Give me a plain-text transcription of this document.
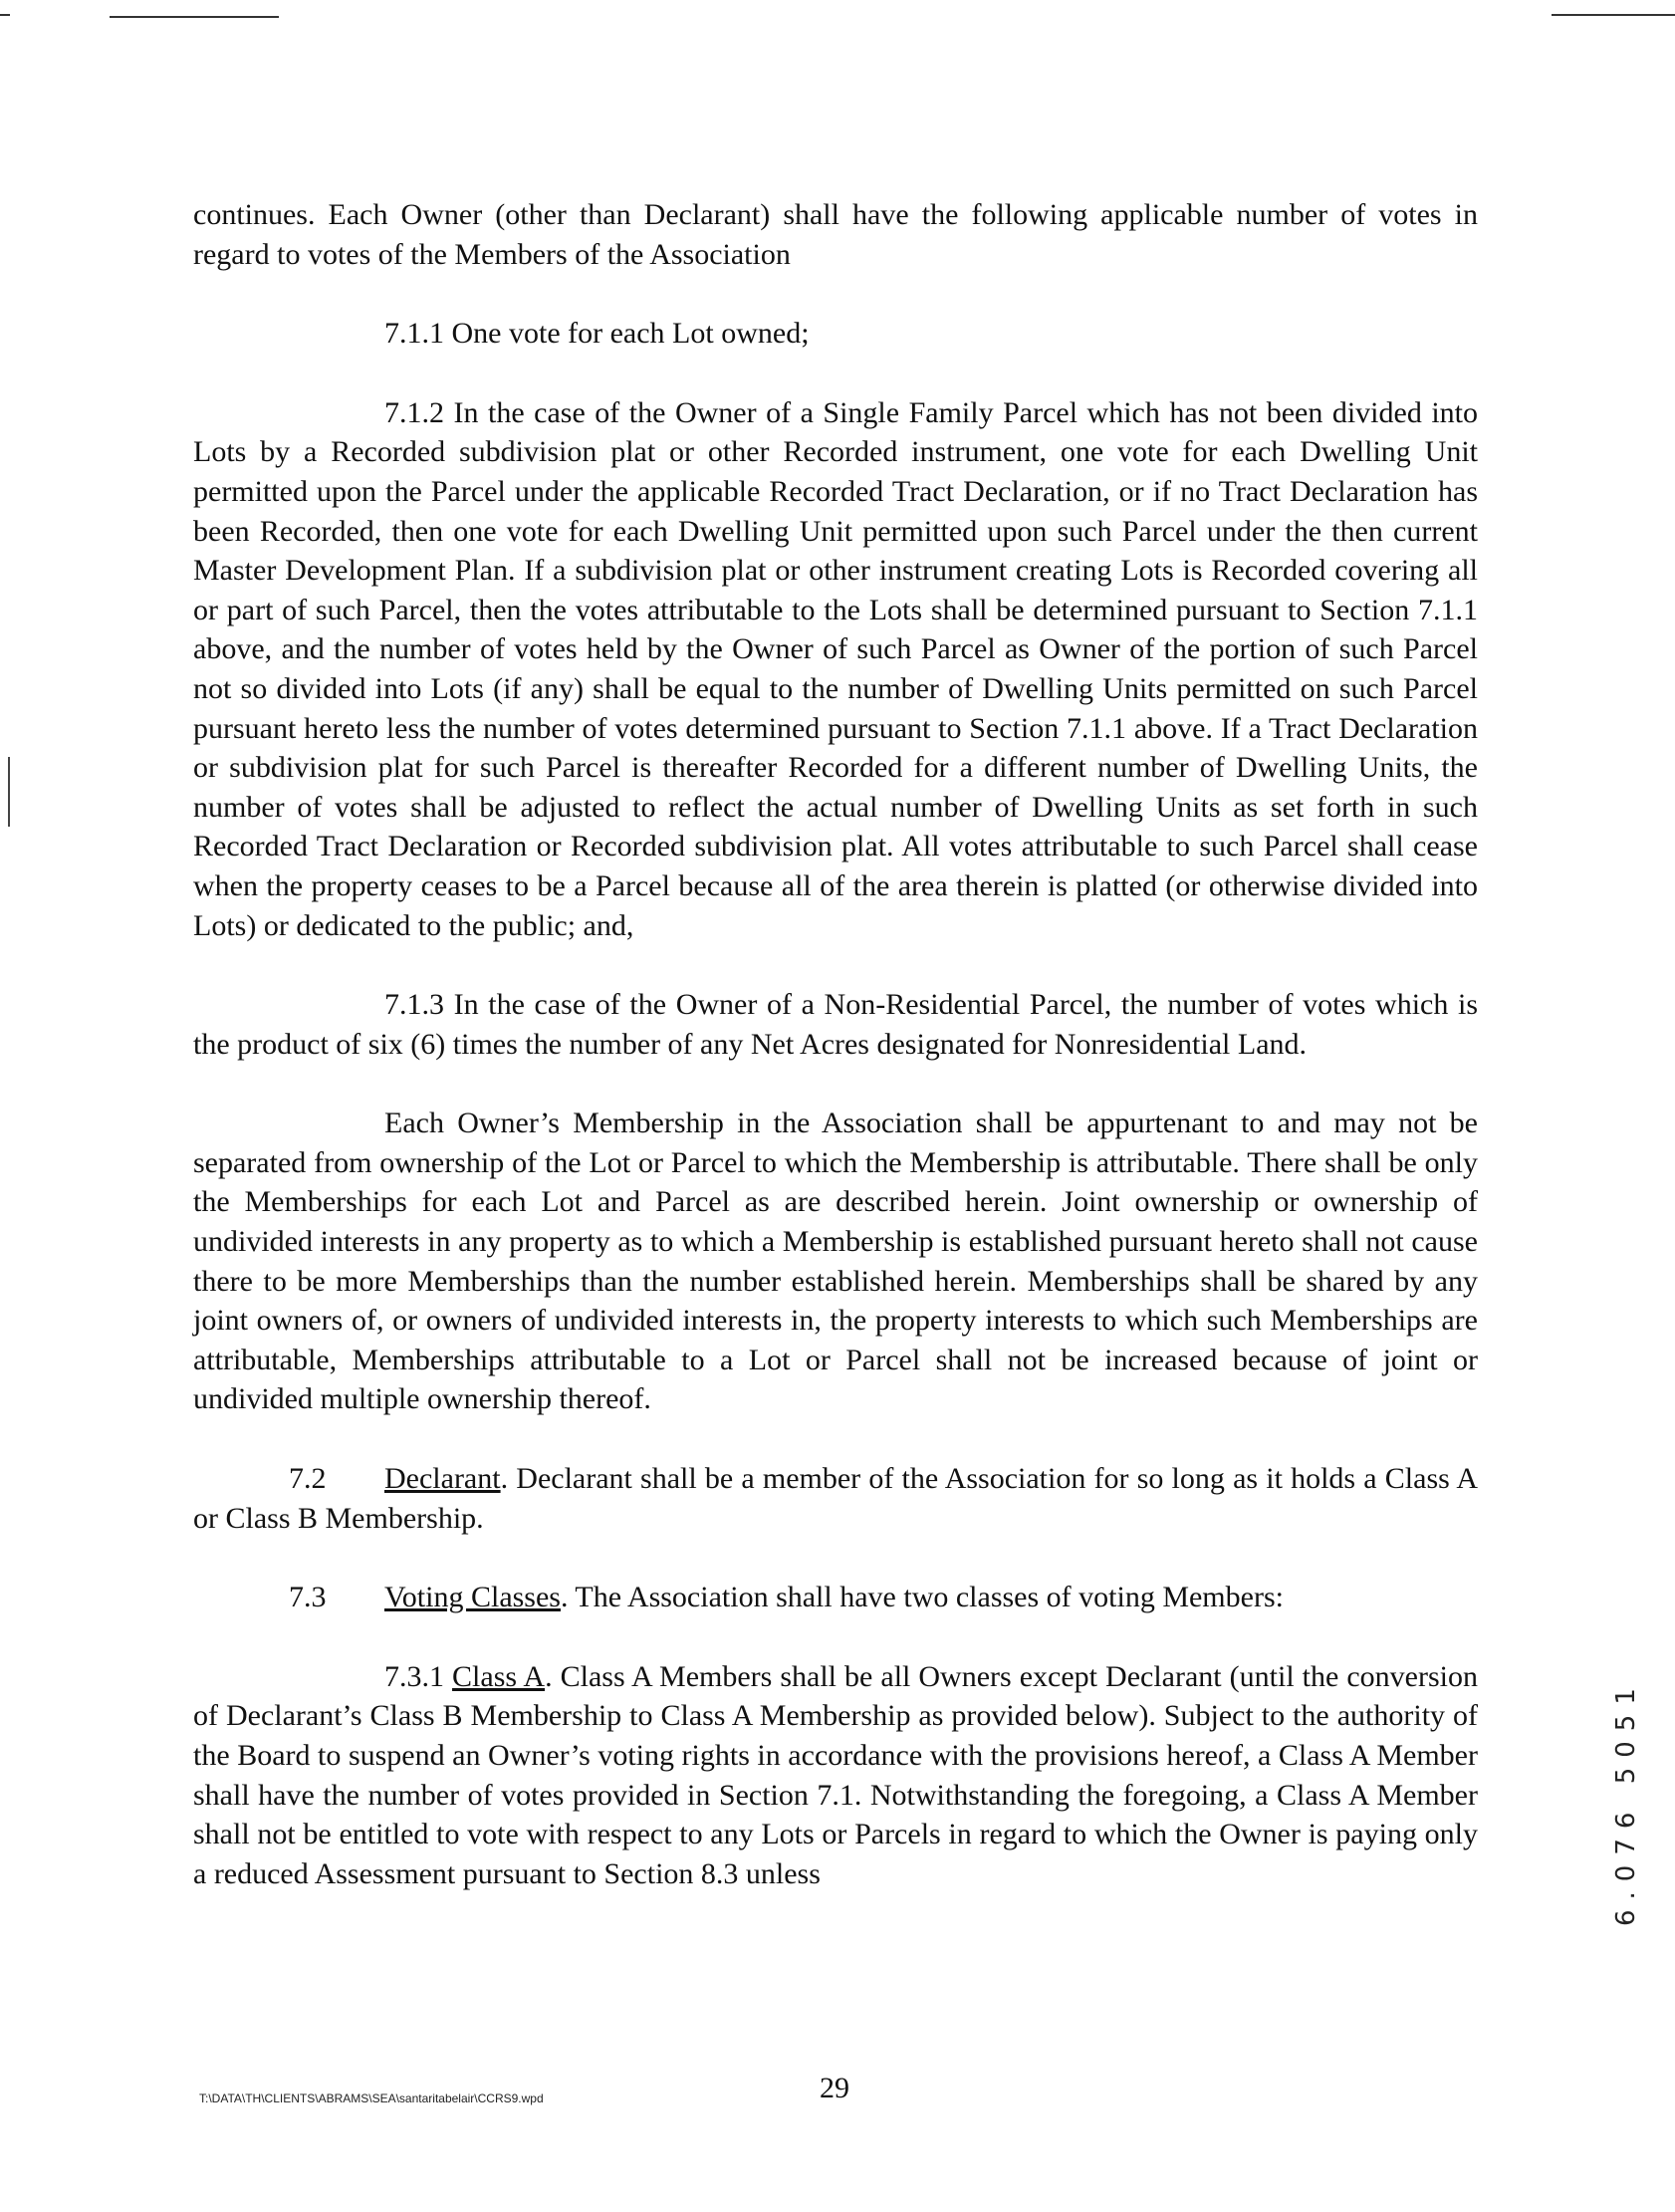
continues. Each Owner (other than Declarant) shall have the following applicable number of votes in regard to votes of the Members of the Association

7.1.1 One vote for each Lot owned;

7.1.2 In the case of the Owner of a Single Family Parcel which has not been divided into Lots by a Recorded subdivision plat or other Recorded instrument, one vote for each Dwelling Unit permitted upon the Parcel under the applicable Recorded Tract Declaration, or if no Tract Declaration has been Recorded, then one vote for each Dwelling Unit permitted upon such Parcel under the then current Master Development Plan. If a subdivision plat or other instrument creating Lots is Recorded covering all or part of such Parcel, then the votes attributable to the Lots shall be determined pursuant to Section 7.1.1 above, and the number of votes held by the Owner of such Parcel as Owner of the portion of such Parcel not so divided into Lots (if any) shall be equal to the number of Dwelling Units permitted on such Parcel pursuant hereto less the number of votes determined pursuant to Section 7.1.1 above. If a Tract Declaration or subdivision plat for such Parcel is thereafter Recorded for a different number of Dwelling Units, the number of votes shall be adjusted to reflect the actual number of Dwelling Units as set forth in such Recorded Tract Declaration or Recorded subdivision plat. All votes attributable to such Parcel shall cease when the property ceases to be a Parcel because all of the area therein is platted (or otherwise divided into Lots) or dedicated to the public; and,

7.1.3 In the case of the Owner of a Non-Residential Parcel, the number of votes which is the product of six (6) times the number of any Net Acres designated for Nonresidential Land.

Each Owner’s Membership in the Association shall be appurtenant to and may not be separated from ownership of the Lot or Parcel to which the Membership is attributable. There shall be only the Memberships for each Lot and Parcel as are described herein. Joint ownership or ownership of undivided interests in any property as to which a Membership is established pursuant hereto shall not cause there to be more Memberships than the number established herein. Memberships shall be shared by any joint owners of, or owners of undivided interests in, the property interests to which such Memberships are attributable, Memberships attributable to a Lot or Parcel shall not be increased because of joint or undivided multiple ownership thereof.

7.2 Declarant. Declarant shall be a member of the Association for so long as it holds a Class A or Class B Membership.

7.3 Voting Classes. The Association shall have two classes of voting Members:

7.3.1 Class A. Class A Members shall be all Owners except Declarant (until the conversion of Declarant’s Class B Membership to Class A Membership as provided below). Subject to the authority of the Board to suspend an Owner’s voting rights in accordance with the provisions hereof, a Class A Member shall have the number of votes provided in Section 7.1. Notwithstanding the foregoing, a Class A Member shall not be entitled to vote with respect to any Lots or Parcels in regard to which the Owner is paying only a reduced Assessment pursuant to Section 8.3 unless	6.076 5051
29
T:\DATA\TH\CLIENTS\ABRAMS\SEA\santaritabelair\CCRS9.wpd
